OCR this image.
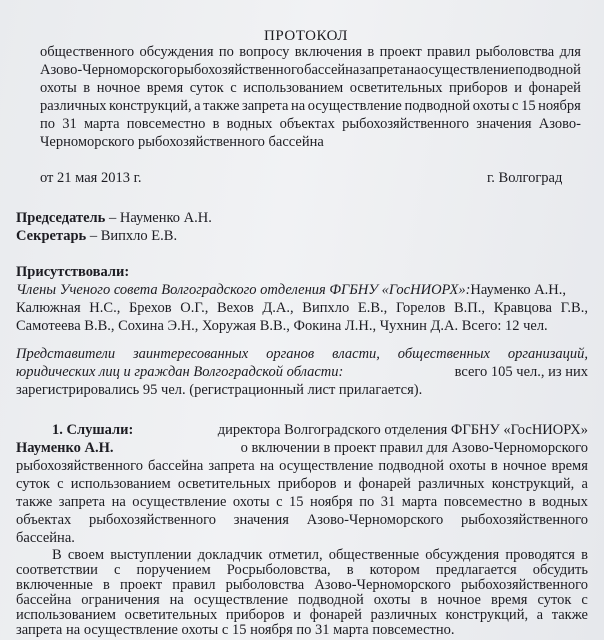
ПРОТОКОЛ
общественного обсуждения по вопросу включения в проект правил рыболовства для
Азово-Черноморского рыбохозяйственного бассейна запрета на осуществление подводной
охоты в ночное время суток с использованием осветительных приборов и фонарей
различных конструкций, а также запрета на осуществление подводной охоты с 15 ноября
по 31 марта повсеместно в водных объектах рыбохозяйственного значения Азово-
Черноморского рыбохозяйственного бассейна
от 21 мая 2013 г.	г. Волгоград
Председатель – Науменко А.Н.
Секретарь – Випхло Е.В.
Присутствовали:
Члены Ученого совета Волгоградского отделения ФГБНУ «ГосНИОРХ»:Науменко А.Н.,
Калюжная Н.С., Брехов О.Г., Вехов Д.А., Випхло Е.В., Горелов В.П., Кравцова Г.В.,
Самотеева В.В., Сохина Э.Н., Хоружая В.В., Фокина Л.Н., Чухнин Д.А. Всего: 12 чел.
Представители заинтересованных органов власти, общественных организаций,
юридических лиц и граждан Волгоградской области:	всего 105 чел., из них
зарегистрировались 95 чел. (регистрационный лист прилагается).
1. Слушали:	директора Волгоградского отделения ФГБНУ «ГосНИОРХ»
Науменко А.Н.	о включении в проект правил для Азово-Черноморского
рыбохозяйственного бассейна запрета на осуществление подводной охоты в ночное время
суток с использованием осветительных приборов и фонарей различных конструкций, а
также запрета на осуществление охоты с 15 ноября по 31 марта повсеместно в водных
объектах рыбохозяйственного значения Азово-Черноморского рыбохозяйственного
бассейна.
В своем выступлении докладчик отметил, общественные обсуждения проводятся в
соответствии с поручением Росрыболовства, в котором предлагается обсудить
включенные в проект правил рыболовства Азово-Черноморского рыбохозяйственного
бассейна ограничения на осуществление подводной охоты в ночное время суток с
использованием осветительных приборов и фонарей различных конструкций, а также
запрета на осуществление охоты с 15 ноября по 31 марта повсеместно.
